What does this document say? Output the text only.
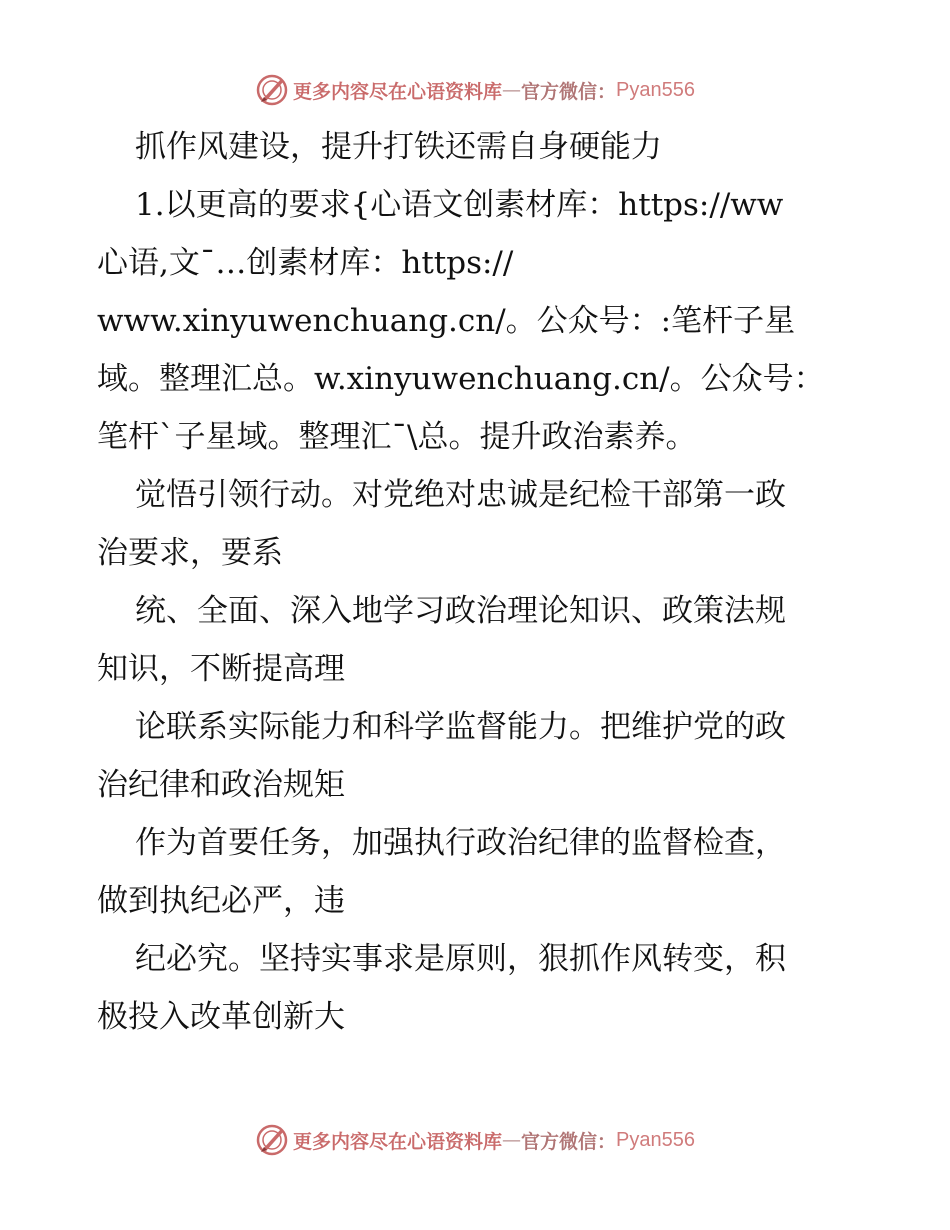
更多内容尽在心语资料库 — 官方微信： Pyan556
抓作风建设，提升打铁还需自身硬能力
1.以更高的要求{心语文创素材库：https://ww
心语,文¯…创素材库：https://
www.xinyuwenchuang.cn/。公众号：:笔杆子星
域。整理汇总。w.xinyuwenchuang.cn/。公众号：
笔杆`子星域。整理汇¯\总。提升政治素养。
觉悟引领行动。对党绝对忠诚是纪检干部第一政
治要求，要系
统、全面、深入地学习政治理论知识、政策法规
知识，不断提高理
论联系实际能力和科学监督能力。把维护党的政
治纪律和政治规矩
作为首要任务，加强执行政治纪律的监督检查，
做到执纪必严，违
纪必究。坚持实事求是原则，狠抓作风转变，积
极投入改革创新大
更多内容尽在心语资料库 — 官方微信： Pyan556
